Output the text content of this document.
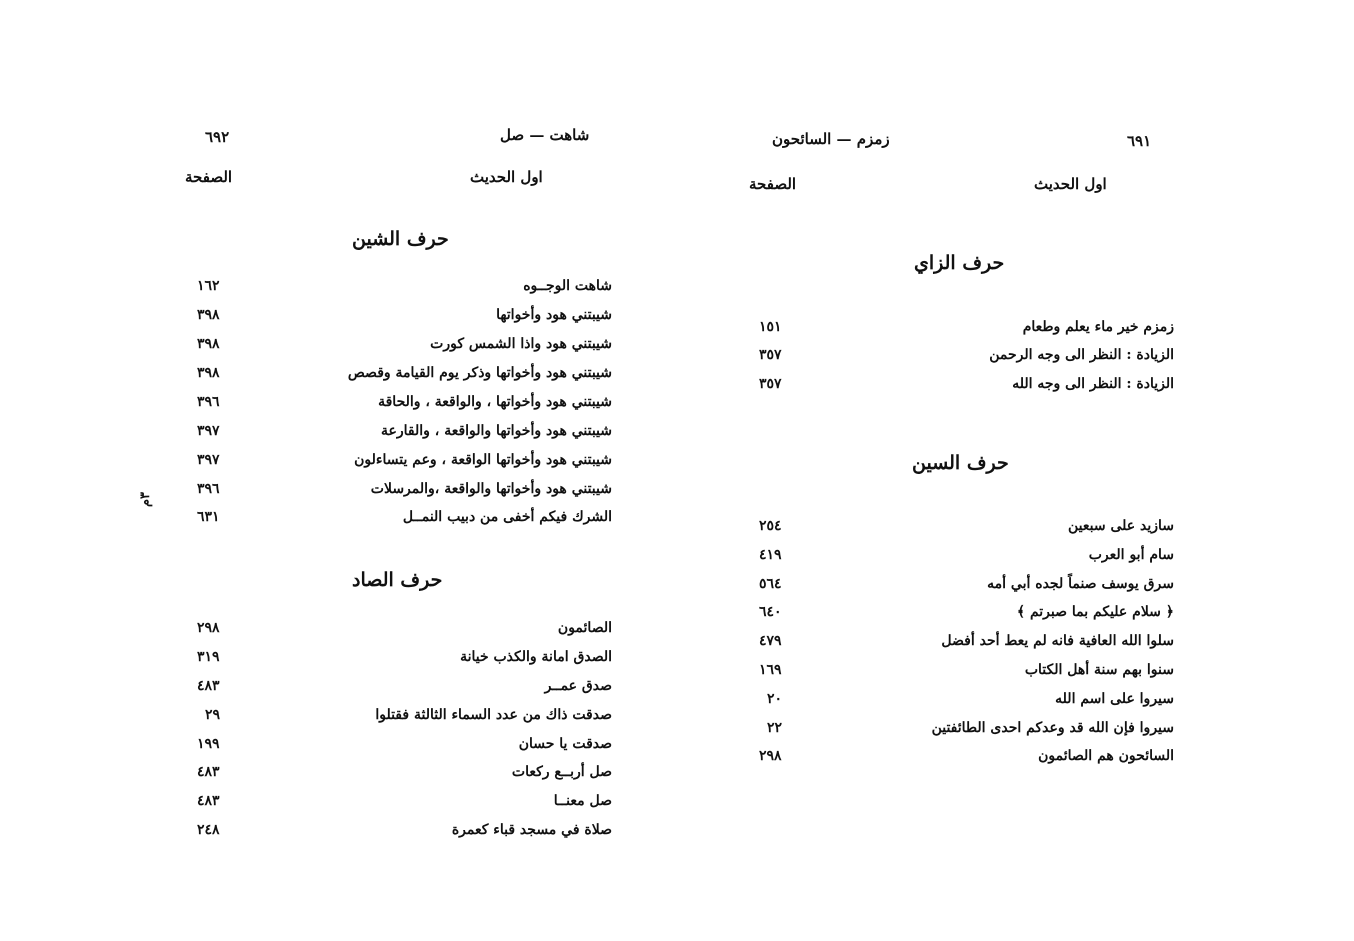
٦٩٢	شاهت — صل
اول الحديث
الصفحة
٣م
حرف الشين
شاهت الوجــوه
١٦٢
شيبتني هود وأخواتها
٣٩٨
شيبتني هود واذا الشمس كورت
٣٩٨
شيبتني هود وأخواتها وذكر يوم القيامة وقصص
٣٩٨
شيبتني هود وأخواتها ، والواقعة ، والحاقة
٣٩٦
شيبتني هود وأخواتها والواقعة ، والقارعة
٣٩٧
شيبتني هود وأخواتها الواقعة ، وعم يتساءلون
٣٩٧
شيبتني هود وأخواتها والواقعة ،والمرسلات
٣٩٦
الشرك فيكم أخفى من دبيب النمــل
٦٣١
حرف الصاد
الصائمون
٢٩٨
الصدق امانة والكذب خيانة
٣١٩
صدق عمــر
٤٨٣
صدقت ذاك من عدد السماء الثالثة فقتلوا
٢٩
صدقت يا حسان
١٩٩
صل أربــع ركعات
٤٨٣
صل معنــا
٤٨٣
صلاة في مسجد قباء كعمرة
٢٤٨
٦٩١
زمزم — السائحون
اول الحديث
الصفحة
حرف الزاي
زمزم خير ماء يعلم وطعام
١٥١
الزيادة : النظر الى وجه الرحمن
٣٥٧
الزيادة : النظر الى وجه الله
٣٥٧
حرف السين
سازيد على سبعين
٢٥٤
سام أبو العرب
٤١٩
سرق يوسف صنماً لجده أبي أمه
٥٦٤
﴿ سلام عليكم بما صبرتم ﴾
٦٤٠
سلوا الله العافية فانه لم يعط أحد أفضل
٤٧٩
سنوا بهم سنة أهل الكتاب
١٦٩
سيروا على اسم الله
٢٠
سيروا فإن الله قد وعدكم احدى الطائفتين
٢٢
السائحون هم الصائمون
٢٩٨
